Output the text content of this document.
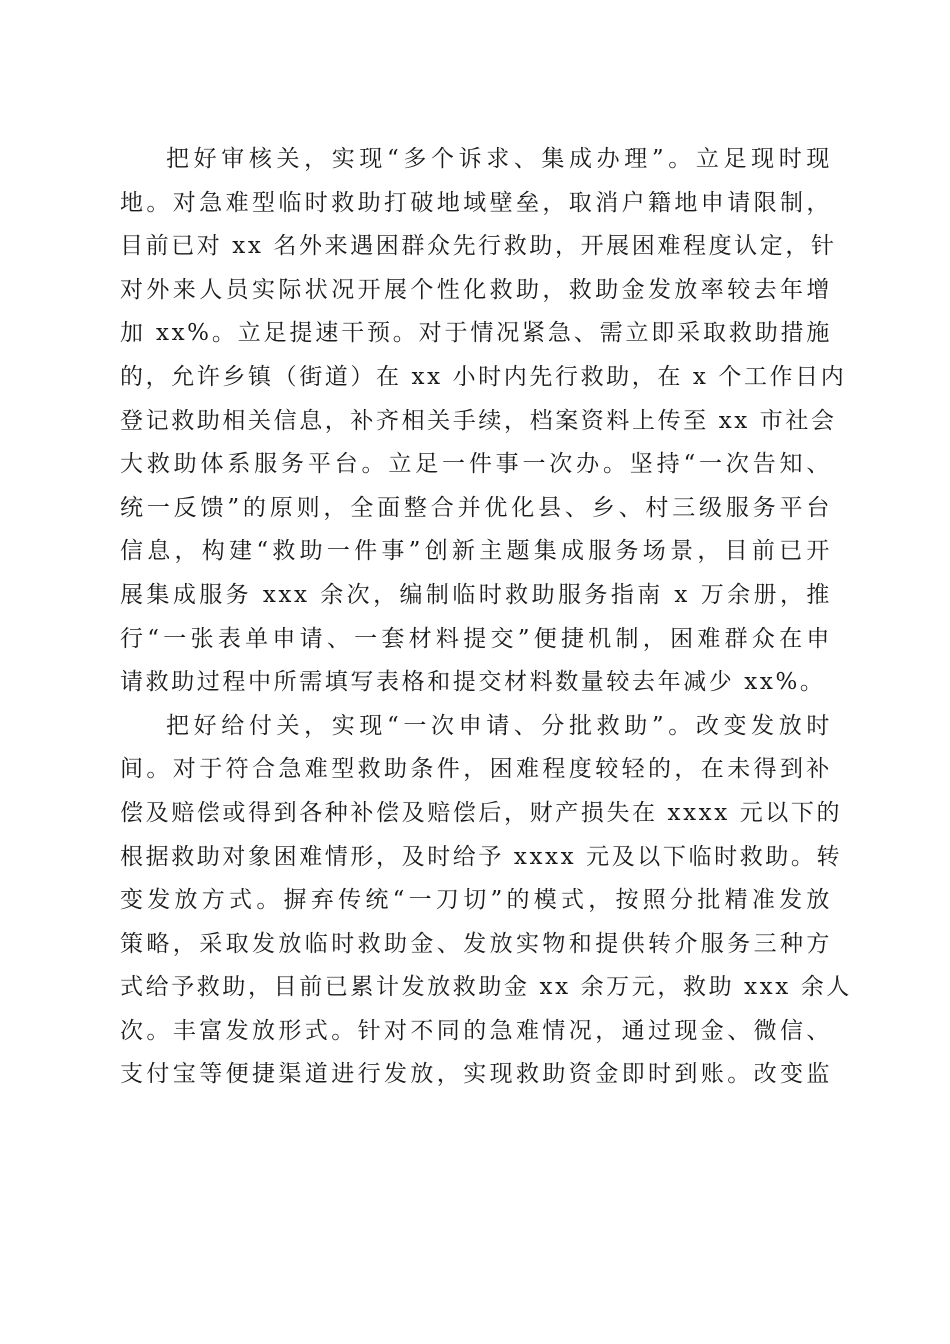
把好审核关，实现“多个诉求、集成办理”。立足现时现
地。对急难型临时救助打破地域壁垒，取消户籍地申请限制，
目前已对 xx 名外来遇困群众先行救助，开展困难程度认定，针
对外来人员实际状况开展个性化救助，救助金发放率较去年增
加 xx%。立足提速干预。对于情况紧急、需立即采取救助措施
的，允许乡镇（街道）在 xx 小时内先行救助，在 x 个工作日内
登记救助相关信息，补齐相关手续，档案资料上传至 xx 市社会
大救助体系服务平台。立足一件事一次办。坚持“一次告知、
统一反馈”的原则，全面整合并优化县、乡、村三级服务平台
信息，构建“救助一件事”创新主题集成服务场景，目前已开
展集成服务 xxx 余次，编制临时救助服务指南 x 万余册，推
行“一张表单申请、一套材料提交”便捷机制，困难群众在申
请救助过程中所需填写表格和提交材料数量较去年减少 xx%。
把好给付关，实现“一次申请、分批救助”。改变发放时
间。对于符合急难型救助条件，困难程度较轻的，在未得到补
偿及赔偿或得到各种补偿及赔偿后，财产损失在 xxxx 元以下的
根据救助对象困难情形，及时给予 xxxx 元及以下临时救助。转
变发放方式。摒弃传统“一刀切”的模式，按照分批精准发放
策略，采取发放临时救助金、发放实物和提供转介服务三种方
式给予救助，目前已累计发放救助金 xx 余万元，救助 xxx 余人
次。丰富发放形式。针对不同的急难情况，通过现金、微信、
支付宝等便捷渠道进行发放，实现救助资金即时到账。改变监
